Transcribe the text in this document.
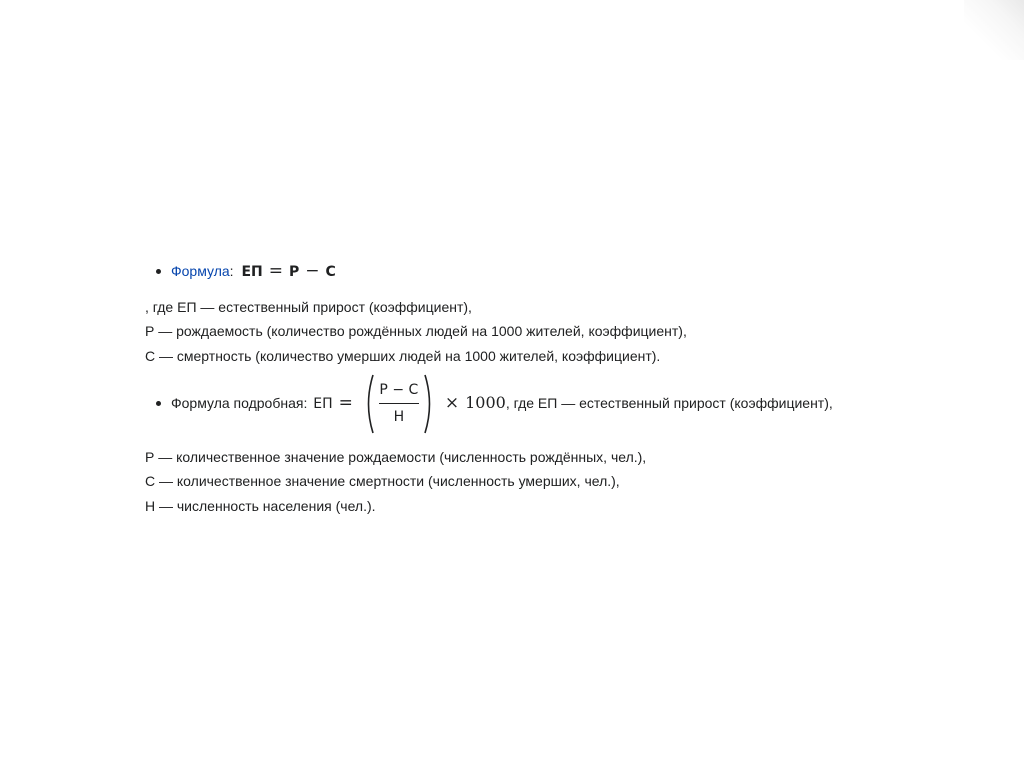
Формула: ЕП = Р − С
, где ЕП — естественный прирост (коэффициент),
Р — рождаемость (количество рождённых людей на 1000 жителей, коэффициент),
С — смертность (количество умерших людей на 1000 жителей, коэффициент).
Формула подробная: ЕП =
Р − С
Н
× 1000, где ЕП — естественный прирост (коэффициент),
Р — количественное значение рождаемости (численность рождённых, чел.),
С — количественное значение смертности (численность умерших, чел.),
Н — численность населения (чел.).
